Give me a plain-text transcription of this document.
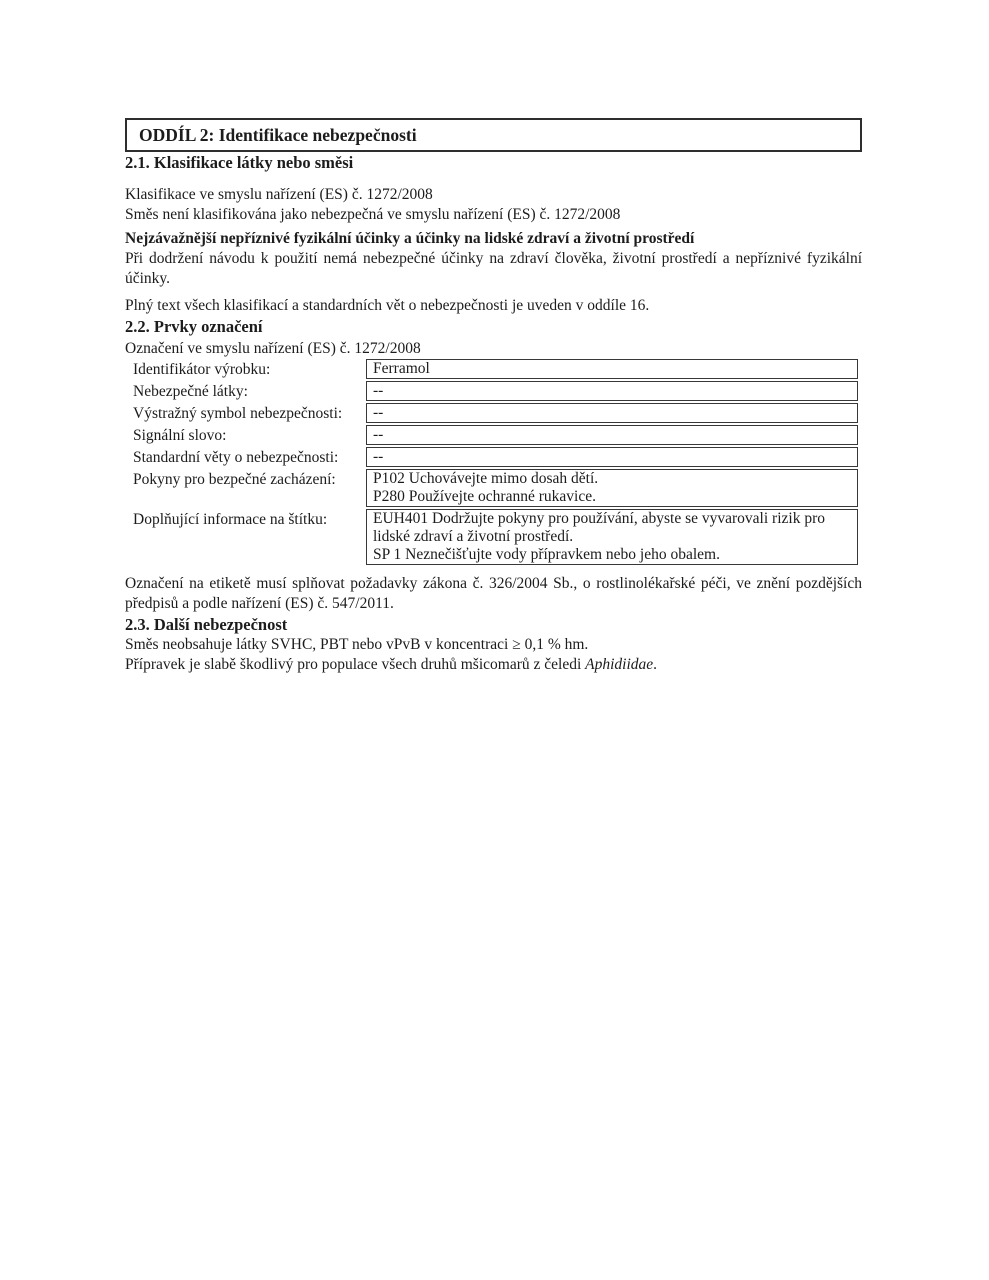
ODDÍL 2: Identifikace nebezpečnosti
2.1. Klasifikace látky nebo směsi

Klasifikace ve smyslu nařízení (ES) č. 1272/2008
Směs není klasifikována jako nebezpečná ve smyslu nařízení (ES) č. 1272/2008

Nejzávažnější nepříznivé fyzikální účinky a účinky na lidské zdraví a životní prostředí

Při dodržení návodu k použití nemá nebezpečné účinky na zdraví člověka, životní prostředí a nepříznivé fyzikální účinky.

Plný text všech klasifikací a standardních vět o nebezpečnosti je uveden v oddíle 16.

2.2. Prvky označení

Označení ve smyslu nařízení (ES) č. 1272/2008

Identifikátor výrobku:	Ferramol
Nebezpečné látky:	--
Výstražný symbol nebezpečnosti:	--
Signální slovo:	--
Standardní věty o nebezpečnosti:	--
Pokyny pro bezpečné zacházení:	P102 Uchovávejte mimo dosah dětí.
P280 Používejte ochranné rukavice.
Doplňující informace na štítku:	EUH401 Dodržujte pokyny pro používání, abyste se vyvarovali rizik pro lidské zdraví a životní prostředí.
SP 1 Neznečišťujte vody přípravkem nebo jeho obalem.

Označení na etiketě musí splňovat požadavky zákona č. 326/2004 Sb., o rostlinolékařské péči, ve znění pozdějších předpisů a podle nařízení (ES) č. 547/2011.

2.3. Další nebezpečnost

Směs neobsahuje látky SVHC, PBT nebo vPvB v koncentraci ≥ 0,1 % hm.
Přípravek je slabě škodlivý pro populace všech druhů mšicomarů z čeledi Aphidiidae.
